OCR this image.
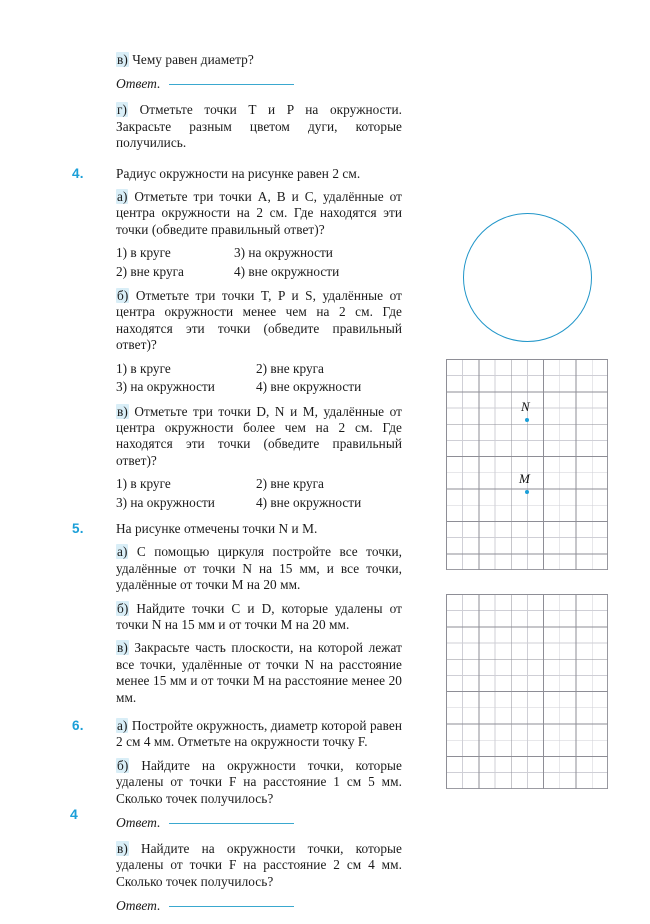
в) Чему равен диаметр?

Ответ.

г) Отметьте точки T и P на окружности. Закрасьте разным цветом дуги, которые получились.

4.	Радиус окружности на рисунке равен 2 см.

а) Отметьте три точки A, B и C, удалённые от центра окружности на 2 см. Где находятся эти точки (обведите правильный ответ)?

1) в круге	3) на окружности
2) вне круга	4) вне окружности

б) Отметьте три точки T, P и S, удалённые от центра окружности менее чем на 2 см. Где находятся эти точки (обведите правильный ответ)?

1) в круге	2) вне круга
3) на окружности	4) вне окружности

в) Отметьте три точки D, N и M, удалённые от центра окружности более чем на 2 см. Где находятся эти точки (обведите правильный ответ)?

1) в круге	2) вне круга
3) на окружности	4) вне окружности
5.	На рисунке отмечены точки N и M.

а) С помощью циркуля постройте все точки, удалённые от точки N на 15 мм, и все точки, удалённые от точки M на 20 мм.

б) Найдите точки C и D, которые удалены от точки N на 15 мм и от точки M на 20 мм.

в) Закрасьте часть плоскости, на которой лежат все точки, удалённые от точки N на расстояние менее 15 мм и от точки M на расстояние менее 20 мм.

6.	а) Постройте окружность, диаметр которой равен 2 см 4 мм. Отметьте на окружности точку F.

б) Найдите на окружности точки, которые удалены от точки F на расстояние 1 см 5 мм. Сколько точек получилось?

Ответ.

в) Найдите на окружности точки, которые удалены от точки F на расстояние 2 см 4 мм. Сколько точек получилось?

Ответ.
N
M
4
